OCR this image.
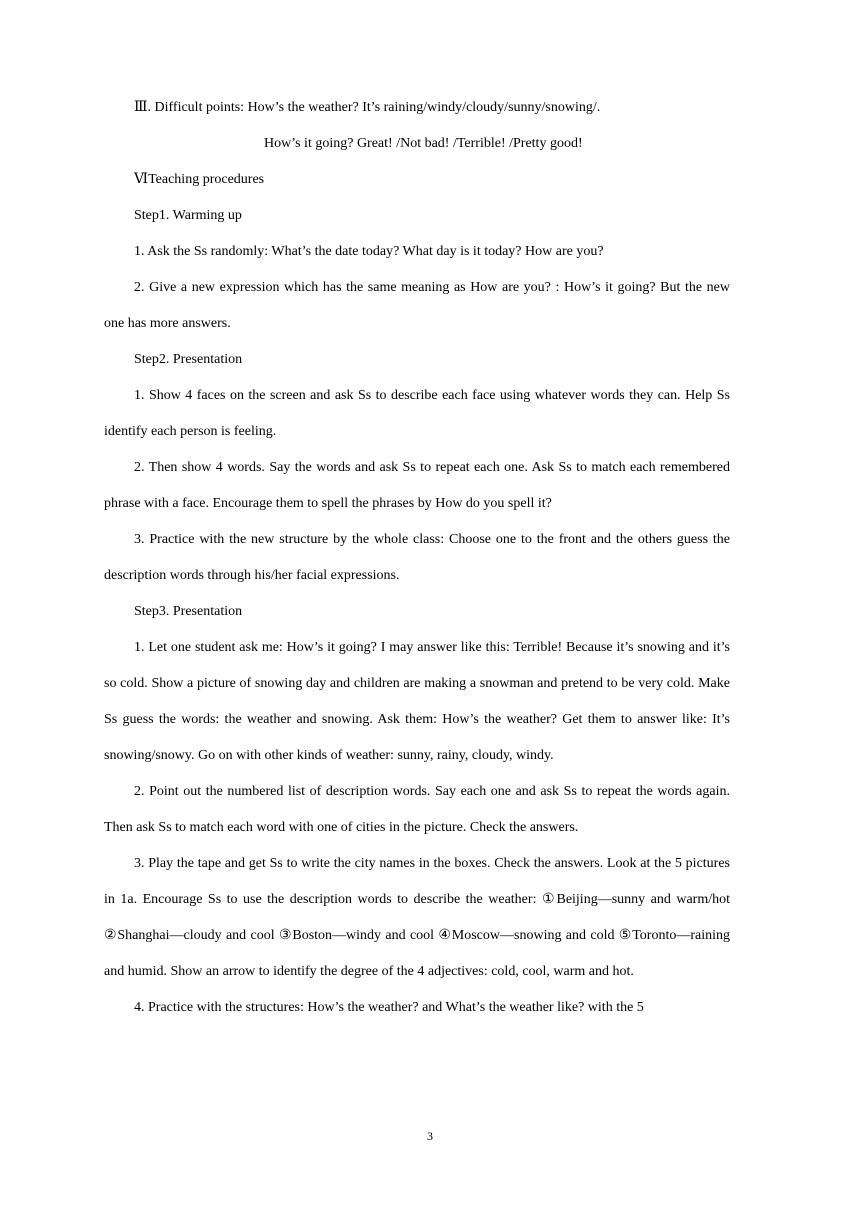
Ⅲ. Difficult points: How’s the weather? It’s raining/windy/cloudy/sunny/snowing/.

How’s it going? Great! /Not bad! /Terrible! /Pretty good!

ⅥTeaching procedures

Step1. Warming up

1. Ask the Ss randomly: What’s the date today? What day is it today? How are you?

2. Give a new expression which has the same meaning as How are you? : How’s it going? But the new one has more answers.

Step2. Presentation

1. Show 4 faces on the screen and ask Ss to describe each face using whatever words they can. Help Ss identify each person is feeling.

2. Then show 4 words. Say the words and ask Ss to repeat each one. Ask Ss to match each remembered phrase with a face. Encourage them to spell the phrases by How do you spell it?

3. Practice with the new structure by the whole class: Choose one to the front and the others guess the description words through his/her facial expressions.

Step3. Presentation

1. Let one student ask me: How’s it going? I may answer like this: Terrible! Because it’s snowing and it’s so cold. Show a picture of snowing day and children are making a snowman and pretend to be very cold. Make Ss guess the words: the weather and snowing. Ask them: How’s the weather? Get them to answer like: It’s snowing/snowy. Go on with other kinds of weather: sunny, rainy, cloudy, windy.

2. Point out the numbered list of description words. Say each one and ask Ss to repeat the words again. Then ask Ss to match each word with one of cities in the picture. Check the answers.

3. Play the tape and get Ss to write the city names in the boxes. Check the answers. Look at the 5 pictures in 1a. Encourage Ss to use the description words to describe the weather: ①Beijing—sunny and warm/hot ②Shanghai—cloudy and cool ③Boston—windy and cool ④Moscow—snowing and cold ⑤Toronto—raining and humid. Show an arrow to identify the degree of the 4 adjectives: cold, cool, warm and hot.

4. Practice with the structures: How’s the weather? and What’s the weather like? with the 5

3
